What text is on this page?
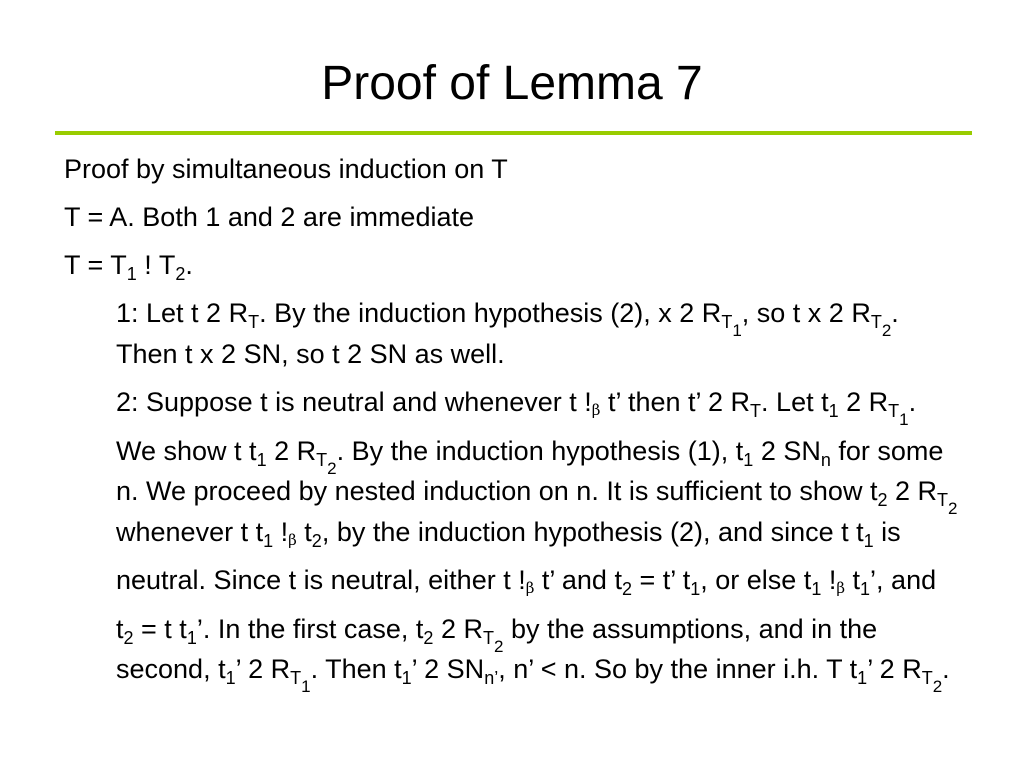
Proof of Lemma 7
Proof by simultaneous induction on T
T = A. Both 1 and 2 are immediate
$T = T_1$ ! $T_2$.
1: Let t 2 $R_T$. By the induction hypothesis (2), x 2 $R_{T_1}$, so t x 2 $R_{T_2}$. Then t x 2 SN, so t 2 SN as well.
2: Suppose t is neutral and whenever t !β t’ then t’ 2 $R_T$. Let $t_1$ 2 $R_{T_1}$. We show t $t_1$ 2 $R_{T_2}$. By the induction hypothesis (1), $t_1$ 2 $SN_n$ for some n. We proceed by nested induction on n. It is sufficient to show $t_2$ 2 $R_{T_2}$ whenever t $t_1$ !β $t_2$, by the induction hypothesis (2), and since t $t_1$ is neutral. Since t is neutral, either t !β t’ and $t_2 = t$’ $t_1$, or else $t_1$ !β $t_1$’, and $t_2 = t$ $t_1$’. In the first case, $t_2$ 2 $R_{T_2}$ by the assumptions, and in the second, $t_1$’ 2 $R_{T_1}$. Then $t_1$’ 2 $SN_{n’}$, n’ < n. So by the inner i.h. T $t_1$’ 2 $R_{T_2}$.
